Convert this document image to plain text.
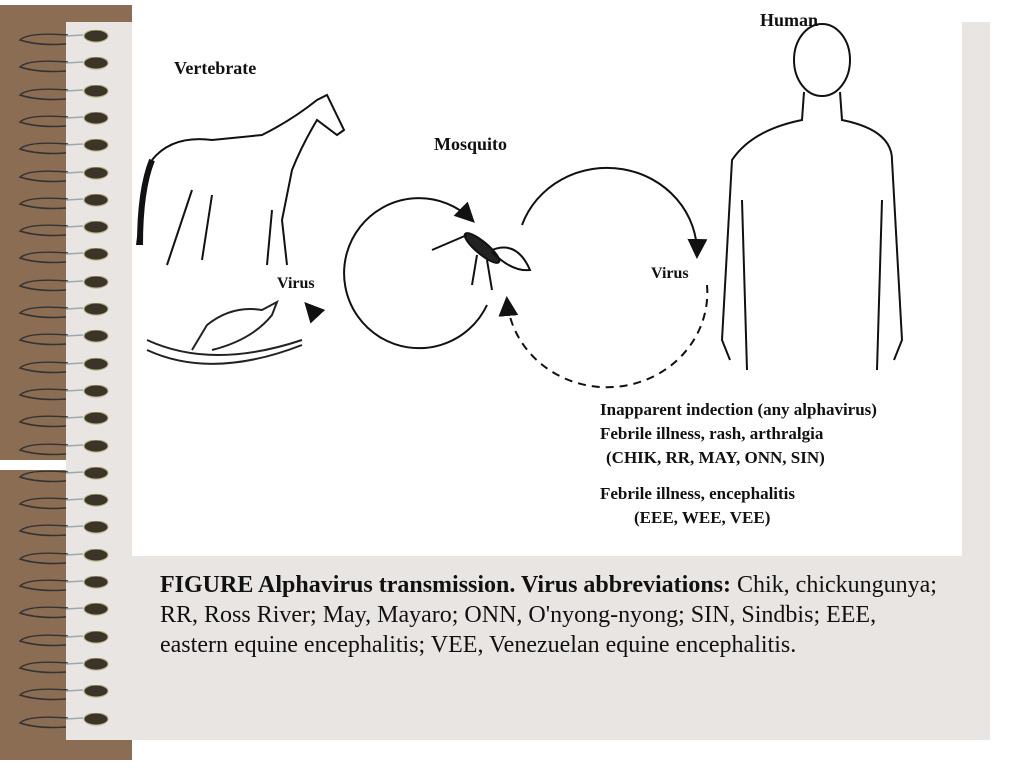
Vertebrate
Mosquito
Human
Virus
Virus
Inapparent indection (any alphavirus)
Febrile illness, rash, arthralgia
(CHIK, RR, MAY, ONN, SIN)
Febrile illness, encephalitis
(EEE, WEE, VEE)
FIGURE Alphavirus transmission. Virus abbreviations: Chik, chickungunya; RR, Ross River; May, Mayaro; ONN, O'nyong-nyong; SIN, Sindbis; EEE, eastern equine encephalitis; VEE, Venezuelan equine encephalitis.
